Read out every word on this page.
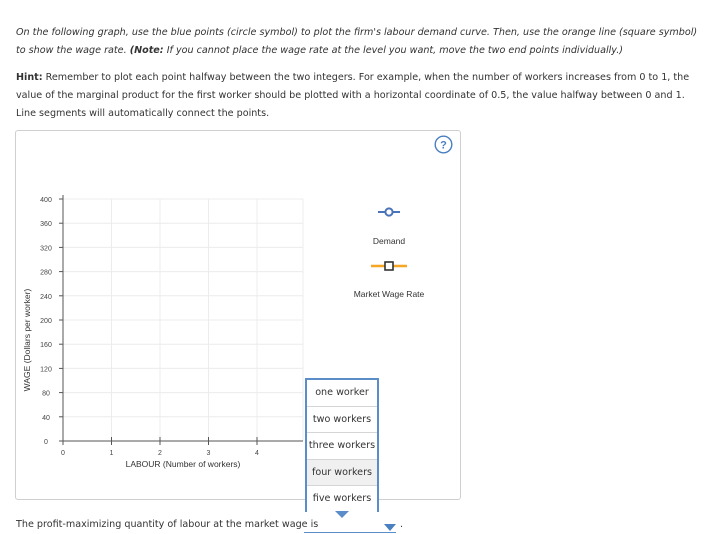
On the following graph, use the blue points (circle symbol) to plot the firm's labour demand curve. Then, use the orange line (square symbol) to show the wage rate. (Note: If you cannot place the wage rate at the level you want, move the two end points individually.)
Hint: Remember to plot each point halfway between the two integers. For example, when the number of workers increases from 0 to 1, the value of the marginal product for the first worker should be plotted with a horizontal coordinate of 0.5, the value halfway between 0 and 1. Line segments will automatically connect the points.
400
360
320
280
240
200
160
120
80
40
0
0	1	2	3	4
WAGE (Dollars per worker)
LABOUR (Number of workers)
Demand
Market Wage Rate
?
one worker
two workers
three workers
four workers
five workers
The profit-maximizing quantity of labour at the market wage is	.
